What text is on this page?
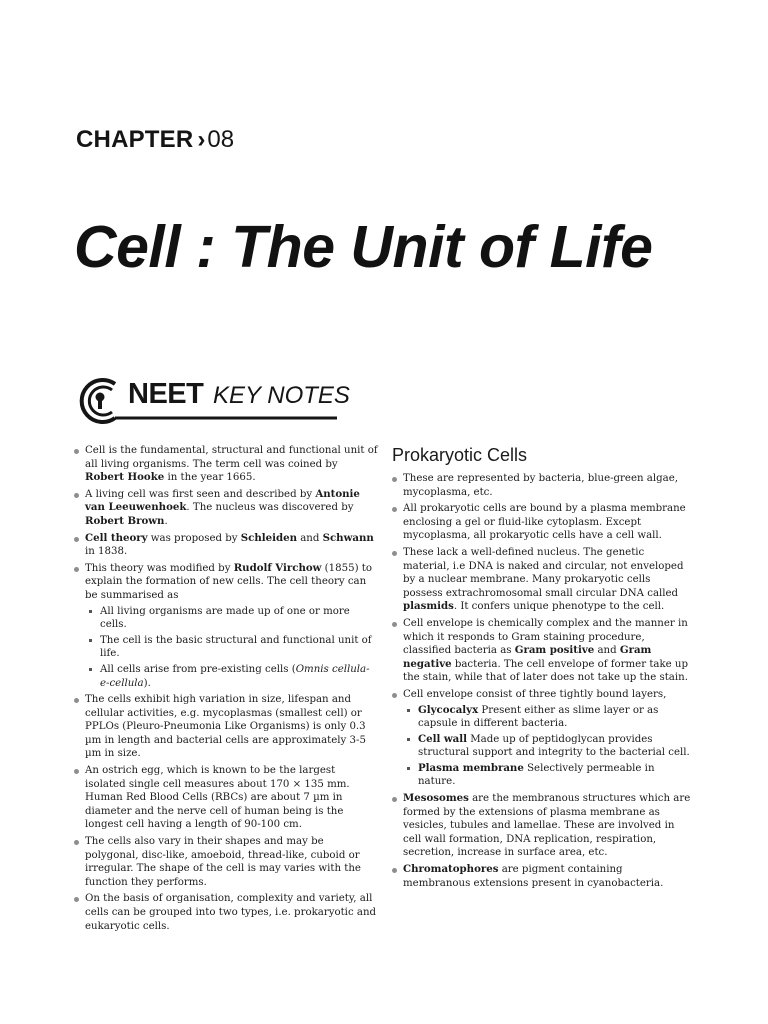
CHAPTER ›08
Cell : The Unit of Life
NEET KEY NOTES
Cell is the fundamental, structural and functional unit of all living organisms. The term cell was coined by Robert Hooke in the year 1665.
A living cell was first seen and described by Antonie van Leeuwenhoek. The nucleus was discovered by Robert Brown.
Cell theory was proposed by Schleiden and Schwann in 1838.
This theory was modified by Rudolf Virchow (1855) to explain the formation of new cells. The cell theory can be summarised as
All living organisms are made up of one or more cells.
The cell is the basic structural and functional unit of life.
All cells arise from pre-existing cells (Omnis cellula-e-cellula).
The cells exhibit high variation in size, lifespan and cellular activities, e.g. mycoplasmas (smallest cell) or PPLOs (Pleuro-Pneumonia Like Organisms) is only 0.3 µm in length and bacterial cells are approximately 3-5 µm in size.
An ostrich egg, which is known to be the largest isolated single cell measures about 170 × 135 mm. Human Red Blood Cells (RBCs) are about 7 µm in diameter and the nerve cell of human being is the longest cell having a length of 90-100 cm.
The cells also vary in their shapes and may be polygonal, disc-like, amoeboid, thread-like, cuboid or irregular. The shape of the cell is may varies with the function they performs.
On the basis of organisation, complexity and variety, all cells can be grouped into two types, i.e. prokaryotic and eukaryotic cells.
Prokaryotic Cells
These are represented by bacteria, blue-green algae, mycoplasma, etc.
All prokaryotic cells are bound by a plasma membrane enclosing a gel or fluid-like cytoplasm. Except mycoplasma, all prokaryotic cells have a cell wall.
These lack a well-defined nucleus. The genetic material, i.e DNA is naked and circular, not enveloped by a nuclear membrane. Many prokaryotic cells possess extrachromosomal small circular DNA called plasmids. It confers unique phenotype to the cell.
Cell envelope is chemically complex and the manner in which it responds to Gram staining procedure, classified bacteria as Gram positive and Gram negative bacteria. The cell envelope of former take up the stain, while that of later does not take up the stain.
Cell envelope consist of three tightly bound layers,
Glycocalyx Present either as slime layer or as capsule in different bacteria.
Cell wall Made up of peptidoglycan provides structural support and integrity to the bacterial cell.
Plasma membrane Selectively permeable in nature.
Mesosomes are the membranous structures which are formed by the extensions of plasma membrane as vesicles, tubules and lamellae. These are involved in cell wall formation, DNA replication, respiration, secretion, increase in surface area, etc.
Chromatophores are pigment containing membranous extensions present in cyanobacteria.
